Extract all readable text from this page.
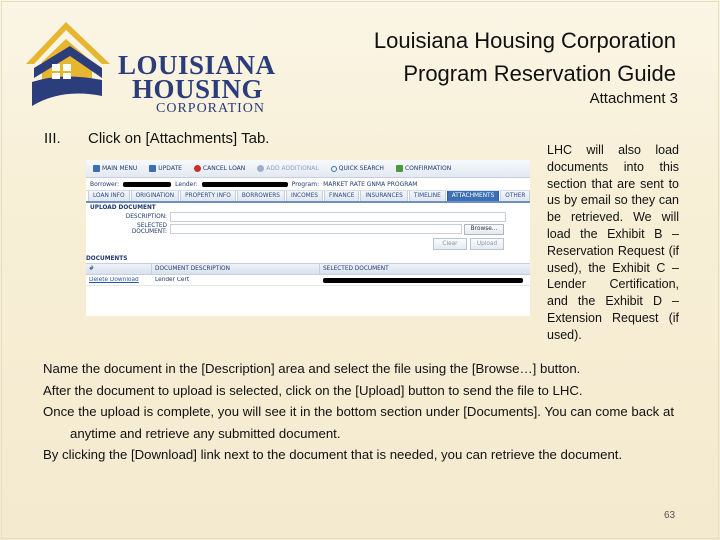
LOUISIANA
HOUSING
CORPORATION
Louisiana Housing Corporation
Program Reservation Guide
Attachment 3
III. Click on [Attachments] Tab.
LHC will also load documents into this section that are sent to us by email so they can be retrieved. We will load the Exhibit B – Reservation Request (if used), the Exhibit C – Lender Certification, and the Exhibit D – Extension Request (if used).
MAIN MENU	UPDATE	CANCEL LOAN	ADD ADDITIONAL	QUICK SEARCH	CONFIRMATION
Borrower:	Lender:	Program: MARKET RATE GNMA PROGRAM
LOAN INFO	ORIGINATION	PROPERTY INFO	BORROWERS	INCOMES	FINANCE	INSURANCES	TIMELINE	ATTACHMENTS	OTHER
UPLOAD DOCUMENT
DESCRIPTION:
SELECTED DOCUMENT:	Browse...
Clear	Upload
DOCUMENTS
#	DOCUMENT DESCRIPTION	SELECTED DOCUMENT
Delete Download	Lender Cert

Name the document in the [Description] area and select the file using the [Browse…] button.

After the document to upload is selected, click on the [Upload] button to send the file to LHC.

Once the upload is complete, you will see it in the bottom section under [Documents]. You can come back at anytime and retrieve any submitted document.

By clicking the [Download] link next to the document that is needed, you can retrieve the document.

63
